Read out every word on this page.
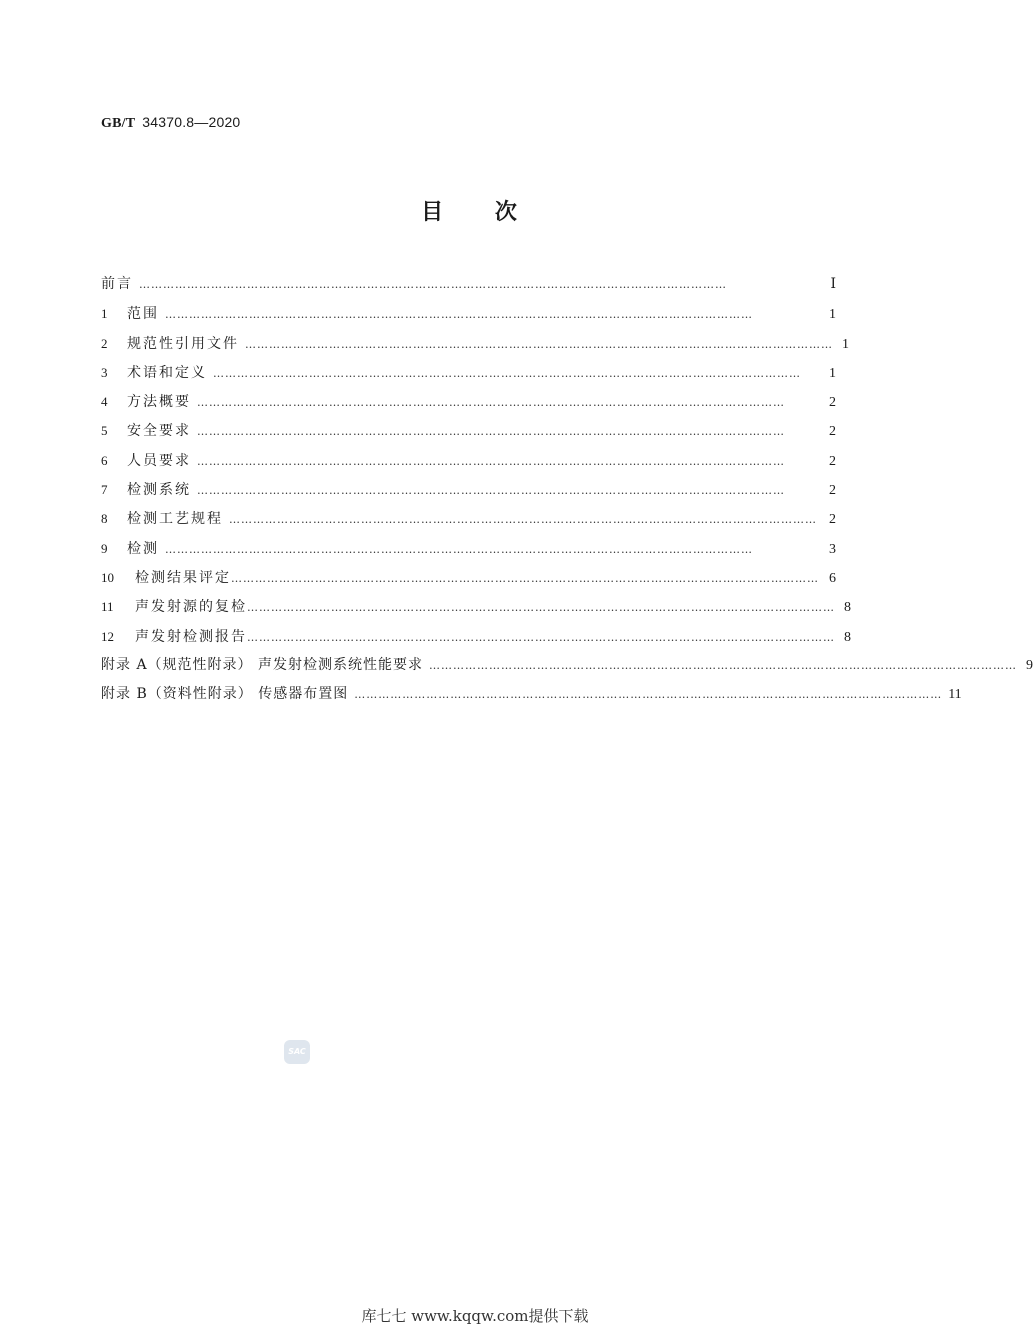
GB/T 34370.8—2020
目 次
前言 …………………………………………………………………………………………………………………………………	Ⅰ
1	范围 …………………………………………………………………………………………………………………………………	1
2	规范性引用文件 ………………………………………………………………………………………………………………………………… 1
3	术语和定义 …………………………………………………………………………………………………………………………………	1
4	方法概要 …………………………………………………………………………………………………………………………………	2
5	安全要求 …………………………………………………………………………………………………………………………………	2
6	人员要求 …………………………………………………………………………………………………………………………………	2
7	检测系统 …………………………………………………………………………………………………………………………………	2
8	检测工艺规程 ………………………………………………………………………………………………………………………………… 2
9	检测 …………………………………………………………………………………………………………………………………	3
10	检测结果评定 ………………………………………………………………………………………………………………………………… 6
11	声发射源的复检 ………………………………………………………………………………………………………………………………… 8
12	声发射检测报告 ………………………………………………………………………………………………………………………………… 8
附录 A（规范性附录） 声发射检测系统性能要求 ………………………………………………………………………………………………………………………………… 9
附录 B（资料性附录） 传感器布置图 ………………………………………………………………………………………………………………………………… 11
SAC
库七七 www.kqqw.com提供下载
